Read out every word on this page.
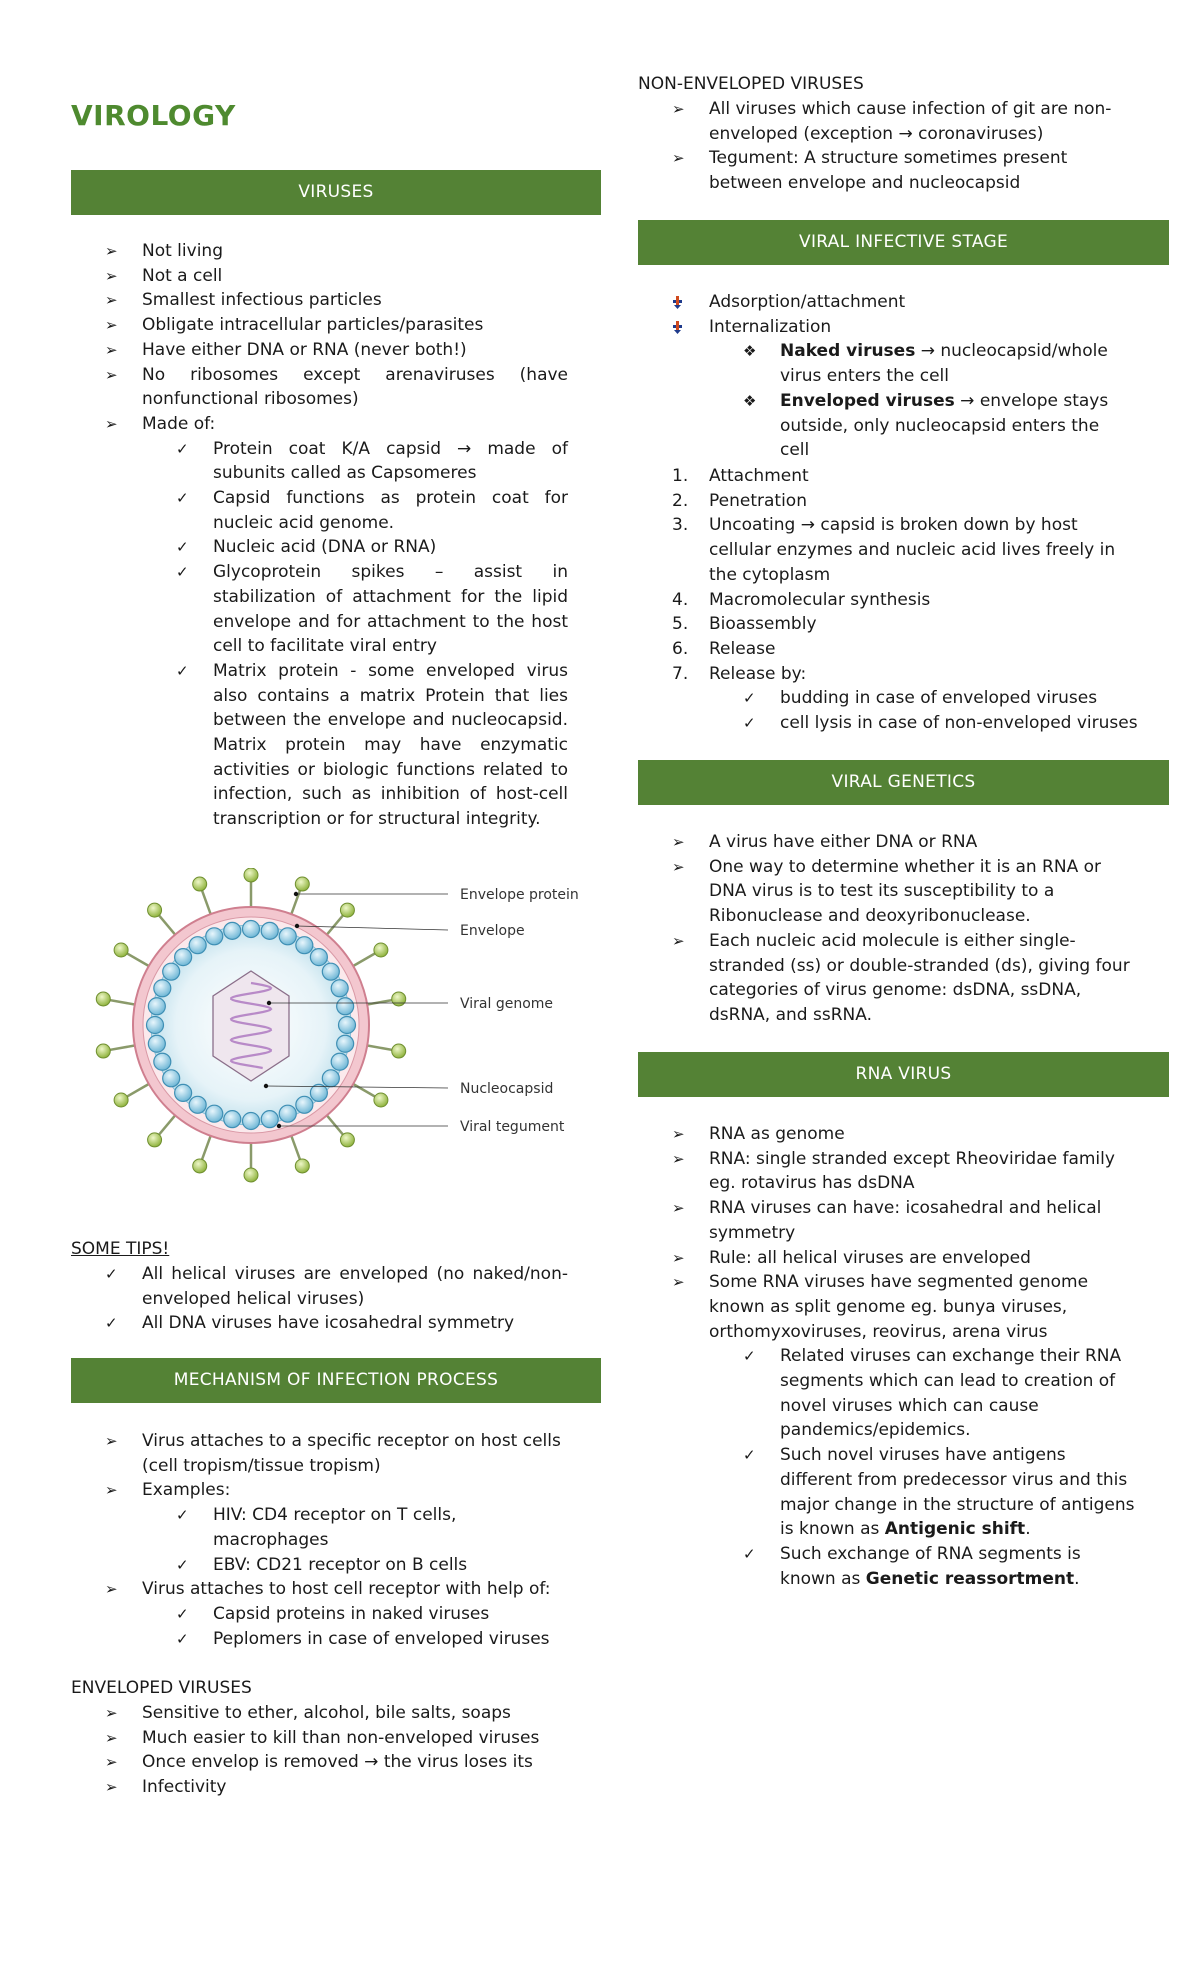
VIROLOGY
VIRUSES
➢ Not living
➢ Not a cell
➢ Smallest infectious particles
➢ Obligate intracellular particles/parasites
➢ Have either DNA or RNA (never both!)
➢ No ribosomes except arenaviruses (have nonfunctional ribosomes)
➢ Made of:
✓ Protein coat K/A capsid → made of subunits called as Capsomeres
✓ Capsid functions as protein coat for nucleic acid genome.
✓ Nucleic acid (DNA or RNA)
✓ Glycoprotein spikes – assist in stabilization of attachment for the lipid envelope and for attachment to the host cell to facilitate viral entry
✓ Matrix protein - some enveloped virus also contains a matrix Protein that lies between the envelope and nucleocapsid. Matrix protein may have enzymatic activities or biologic functions related to infection, such as inhibition of host-cell transcription or for structural integrity.
Envelope protein
Envelope
Viral genome
Nucleocapsid
Viral tegument
SOME TIPS!
✓ All helical viruses are enveloped (no naked/non-enveloped helical viruses)
✓ All DNA viruses have icosahedral symmetry
MECHANISM OF INFECTION PROCESS
➢ Virus attaches to a specific receptor on host cells (cell tropism/tissue tropism)
➢ Examples:
✓ HIV: CD4 receptor on T cells, macrophages
✓ EBV: CD21 receptor on B cells
➢ Virus attaches to host cell receptor with help of:
✓ Capsid proteins in naked viruses
✓ Peplomers in case of enveloped viruses
ENVELOPED VIRUSES
➢ Sensitive to ether, alcohol, bile salts, soaps
➢ Much easier to kill than non-enveloped viruses
➢ Once envelop is removed → the virus loses its
➢ Infectivity
NON-ENVELOPED VIRUSES
➢ All viruses which cause infection of git are non-enveloped (exception → coronaviruses)
➢ Tegument: A structure sometimes present between envelope and nucleocapsid
VIRAL INFECTIVE STAGE
Adsorption/attachment
Internalization
❖ Naked viruses → nucleocapsid/whole virus enters the cell
❖ Enveloped viruses → envelope stays outside, only nucleocapsid enters the cell
1. Attachment
2. Penetration
3. Uncoating → capsid is broken down by host cellular enzymes and nucleic acid lives freely in the cytoplasm
4. Macromolecular synthesis
5. Bioassembly
6. Release
7. Release by:
✓ budding in case of enveloped viruses
✓ cell lysis in case of non-enveloped viruses
VIRAL GENETICS
➢ A virus have either DNA or RNA
➢ One way to determine whether it is an RNA or DNA virus is to test its susceptibility to a Ribonuclease and deoxyribonuclease.
➢ Each nucleic acid molecule is either single-stranded (ss) or double-stranded (ds), giving four categories of virus genome: dsDNA, ssDNA, dsRNA, and ssRNA.
RNA VIRUS
➢ RNA as genome
➢ RNA: single stranded except Rheoviridae family eg. rotavirus has dsDNA
➢ RNA viruses can have: icosahedral and helical symmetry
➢ Rule: all helical viruses are enveloped
➢ Some RNA viruses have segmented genome known as split genome eg. bunya viruses, orthomyxoviruses, reovirus, arena virus
✓ Related viruses can exchange their RNA segments which can lead to creation of novel viruses which can cause pandemics/epidemics.
✓ Such novel viruses have antigens different from predecessor virus and this major change in the structure of antigens is known as Antigenic shift.
✓ Such exchange of RNA segments is known as Genetic reassortment.
